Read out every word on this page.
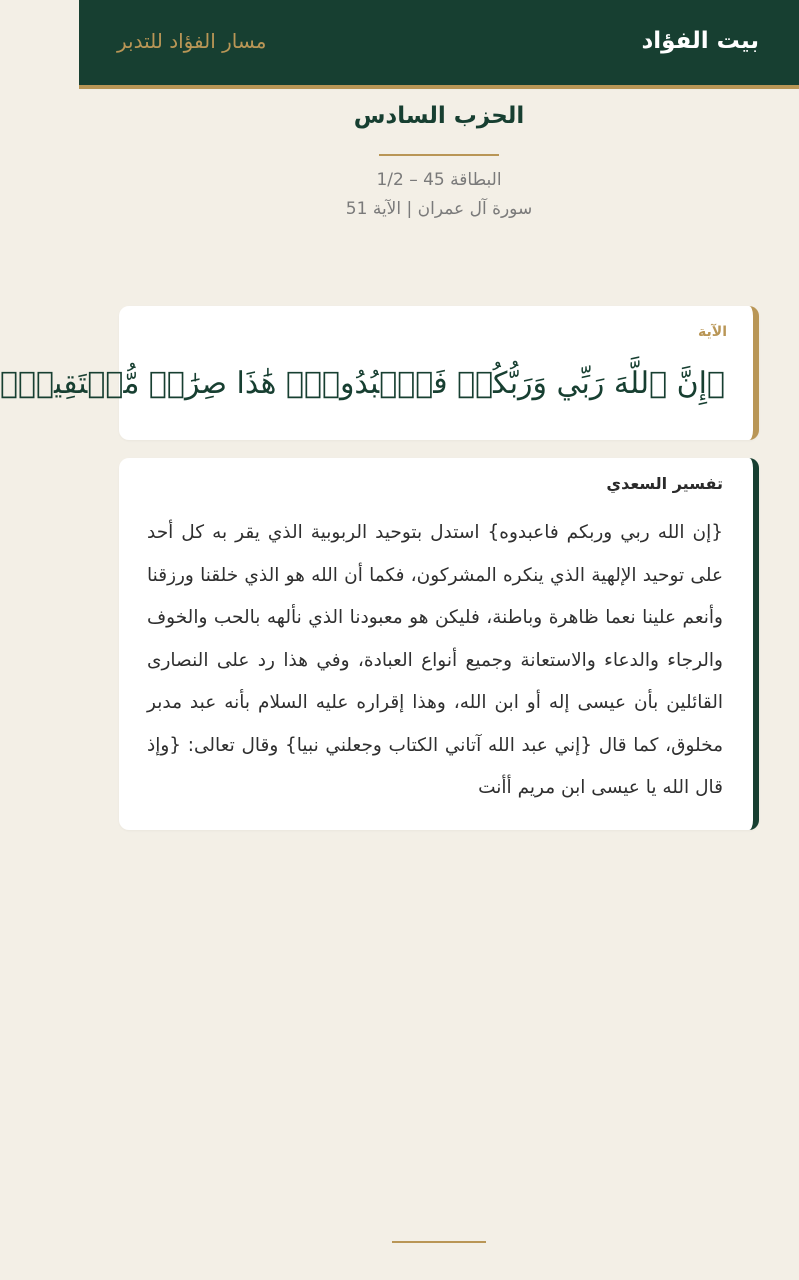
بيت الفؤاد
مسار الفؤاد للتدبر
الحزب السادس
البطاقة 45 – 1/2
سورة آل عمران | الآية 51
الآية
﴿إِنَّ ٱللَّهَ رَبِّي وَرَبُّكُمۡ فَٱعۡبُدُوهُۚ هَٰذَا صِرَٰطٞ مُّسۡتَقِيمٞ﴾
تفسير السعدي

{إن الله ربي وربكم فاعبدوه} استدل بتوحيد الربوبية الذي يقر به كل أحد على توحيد الإلهية الذي ينكره المشركون، فكما أن الله هو الذي خلقنا ورزقنا وأنعم علينا نعما ظاهرة وباطنة، فليكن هو معبودنا الذي نألهه بالحب والخوف والرجاء والدعاء والاستعانة وجميع أنواع العبادة، وفي هذا رد على النصارى القائلين بأن عيسى إله أو ابن الله، وهذا إقراره عليه السلام بأنه عبد مدبر مخلوق، كما قال {إني عبد الله آتاني الكتاب وجعلني نبيا} وقال تعالى: {وإذ قال الله يا عيسى ابن مريم أأنت
